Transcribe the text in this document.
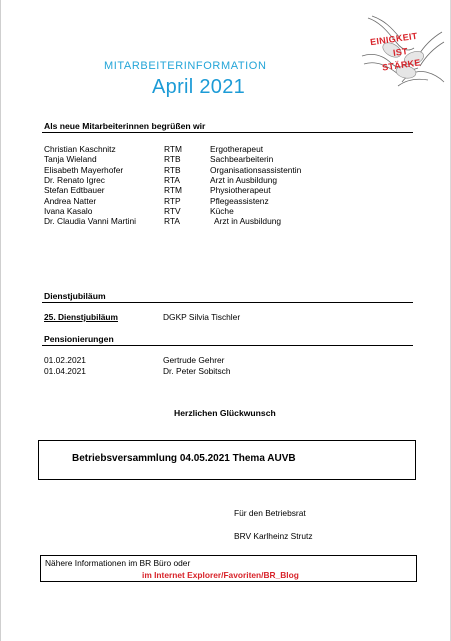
EINIGKEIT
IST
STÄRKE
MITARBEITERINFORMATION
April 2021
Als neue Mitarbeiterinnen begrüßen wir
Christian Kaschnitz	RTM	Ergotherapeut
Tanja Wieland	RTB	Sachbearbeiterin
Elisabeth Mayerhofer	RTB	Organisationsassistentin
Dr. Renato Igrec	RTA	Arzt in Ausbildung
Stefan Edtbauer	RTM	Physiotherapeut
Andrea Natter	RTP	Pflegeassistenz
Ivana Kasalo	RTV	Küche
Dr. Claudia Vanni Martini	RTA	Arzt in Ausbildung
Dienstjubiläum
25. Dienstjubiläum	DGKP Silvia Tischler
Pensionierungen
01.02.2021	Gertrude Gehrer
01.04.2021	Dr. Peter Sobitsch
Herzlichen Glückwunsch
Betriebsversammlung 04.05.2021 Thema AUVB
Für den Betriebsrat
BRV Karlheinz Strutz
Nähere Informationen im BR Büro oder
im Internet Explorer/Favoriten/BR_Blog
